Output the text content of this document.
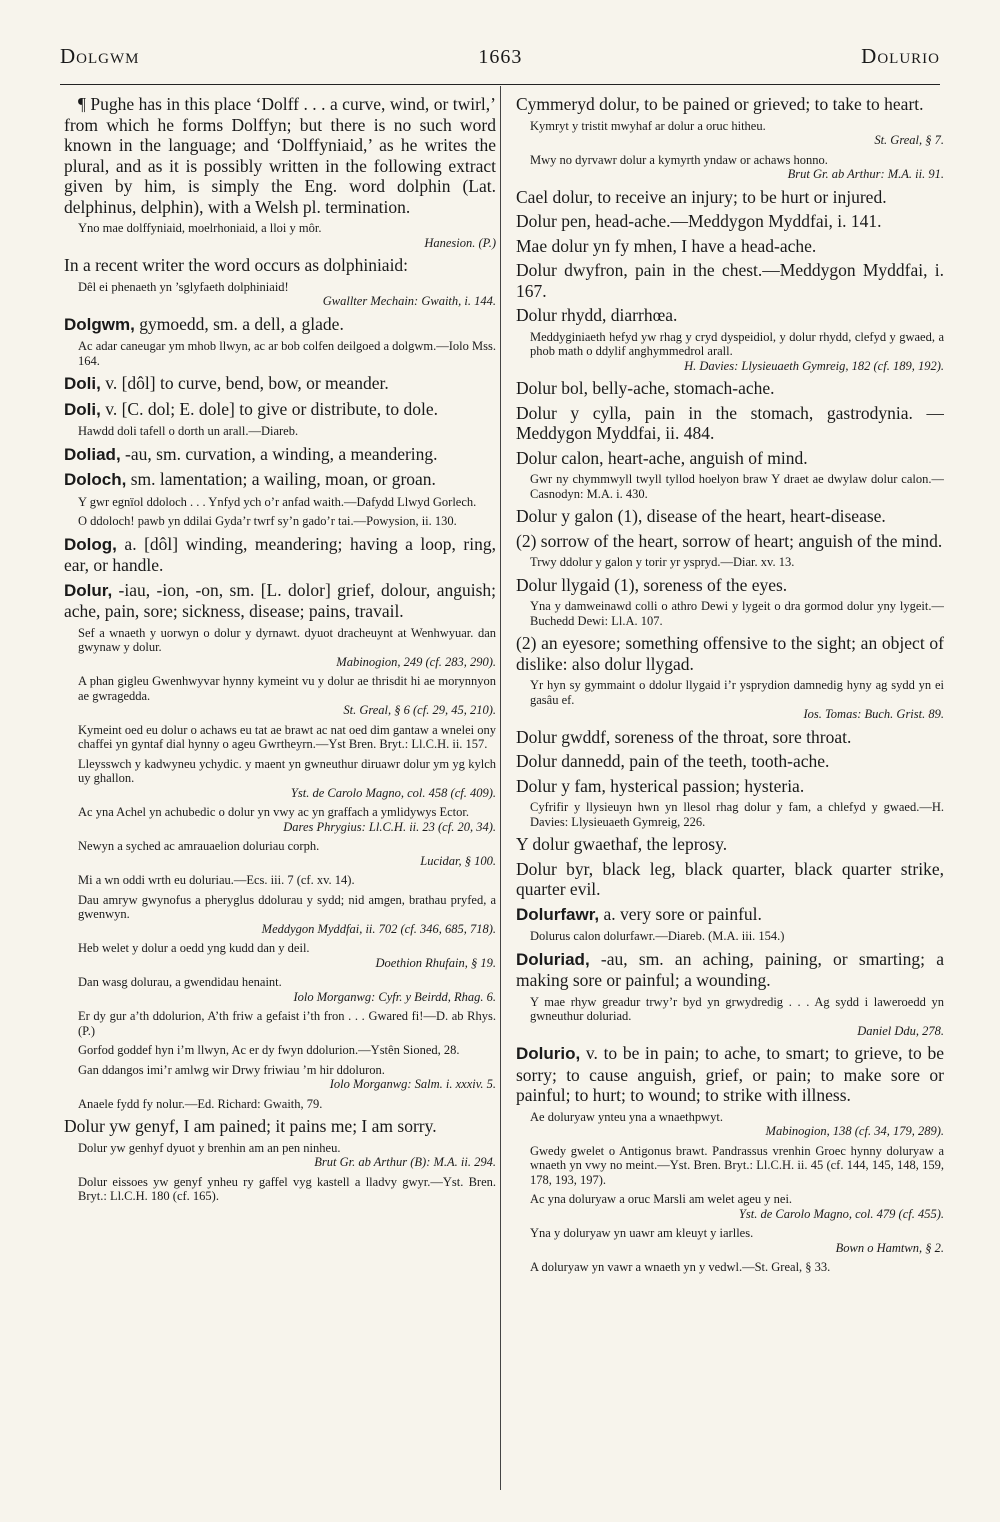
Dolgwm	1663	Dolurio
¶ Pughe has in this place ‘Dolff . . . a curve, wind, or twirl,’ from which he forms Dolffyn; but there is no such word known in the language; and ‘Dolffyniaid,’ as he writes the plural, and as it is possibly written in the following extract given by him, is simply the Eng. word dolphin (Lat. delphinus, delphin), with a Welsh pl. termination.
Yno mae dolffyniaid, moelrhoniaid, a lloi y môr.
Hanesion. (P.)
In a recent writer the word occurs as dolphiniaid:
Dêl ei phenaeth yn ’sglyfaeth dolphiniaid!
Gwallter Mechain: Gwaith, i. 144.
Dolgwm, gymoedd, sm. a dell, a glade.
Ac adar caneugar ym mhob llwyn, ac ar bob colfen deilgoed a dolgwm.—Iolo Mss. 164.
Doli, v. [dôl] to curve, bend, bow, or meander.
Doli, v. [C. dol; E. dole] to give or distribute, to dole.
Hawdd doli tafell o dorth un arall.—Diareb.
Doliad, -au, sm. curvation, a winding, a meandering.
Doloch, sm. lamentation; a wailing, moan, or groan.
Y gwr egnïol ddoloch . . . Ynfyd ych o’r anfad waith.—Dafydd Llwyd Gorlech.
O ddoloch! pawb yn ddilai Gyda’r twrf sy’n gado’r tai.—Powysion, ii. 130.
Dolog, a. [dôl] winding, meandering; having a loop, ring, ear, or handle.
Dolur, -iau, -ion, -on, sm. [L. dolor] grief, dolour, anguish; ache, pain, sore; sickness, disease; pains, travail.
Sef a wnaeth y uorwyn o dolur y dyrnawt. dyuot dracheuynt at Wenhwyuar. dan gwynaw y dolur.
Mabinogion, 249 (cf. 283, 290).
A phan gigleu Gwenhwyvar hynny kymeint vu y dolur ae thrisdit hi ae morynnyon ae gwragedda.
St. Greal, § 6 (cf. 29, 45, 210).
Kymeint oed eu dolur o achaws eu tat ae brawt ac nat oed dim gantaw a wnelei ony chaffei yn gyntaf dial hynny o ageu Gwrtheyrn.—Yst Bren. Bryt.: Ll.C.H. ii. 157.
Lleysswch y kadwyneu ychydic. y maent yn gwneuthur diruawr dolur ym yg kylch uy ghallon.
Yst. de Carolo Magno, col. 458 (cf. 409).
Ac yna Achel yn achubedic o dolur yn vwy ac yn graffach a ymlidywys Ector.
Dares Phrygius: Ll.C.H. ii. 23 (cf. 20, 34).
Newyn a syched ac amrauaelion doluriau corph.
Lucidar, § 100.
Mi a wn oddi wrth eu doluriau.—Ecs. iii. 7 (cf. xv. 14).
Dau amryw gwynofus a pheryglus ddolurau y sydd; nid amgen, brathau pryfed, a gwenwyn.
Meddygon Myddfai, ii. 702 (cf. 346, 685, 718).
Heb welet y dolur a oedd yng kudd dan y deil.
Doethion Rhufain, § 19.
Dan wasg dolurau, a gwendidau henaint.
Iolo Morganwg: Cyfr. y Beirdd, Rhag. 6.
Er dy gur a’th ddolurion, A’th friw a gefaist i’th fron . . . Gwared fi!—D. ab Rhys. (P.)
Gorfod goddef hyn i’m llwyn, Ac er dy fwyn ddolurion.—Ystên Sioned, 28.
Gan ddangos imi’r amlwg wir Drwy friwiau ’m hir ddoluron.
Iolo Morganwg: Salm. i. xxxiv. 5.
Anaele fydd fy nolur.—Ed. Richard: Gwaith, 79.
Dolur yw genyf, I am pained; it pains me; I am sorry.
Dolur yw genhyf dyuot y brenhin am an pen ninheu.
Brut Gr. ab Arthur (B): M.A. ii. 294.
Dolur eissoes yw genyf ynheu ry gaffel vyg kastell a lladvy gwyr.—Yst. Bren. Bryt.: Ll.C.H. 180 (cf. 165).
Cymmeryd dolur, to be pained or grieved; to take to heart.
Kymryt y tristit mwyhaf ar dolur a oruc hitheu.
St. Greal, § 7.
Mwy no dyrvawr dolur a kymyrth yndaw or achaws honno.
Brut Gr. ab Arthur: M.A. ii. 91.
Cael dolur, to receive an injury; to be hurt or injured.
Dolur pen, head-ache.—Meddygon Myddfai, i. 141.
Mae dolur yn fy mhen, I have a head-ache.
Dolur dwyfron, pain in the chest.—Meddygon Myddfai, i. 167.
Dolur rhydd, diarrhœa.
Meddyginiaeth hefyd yw rhag y cryd dyspeidiol, y dolur rhydd, clefyd y gwaed, a phob math o ddylif anghymmedrol arall.
H. Davies: Llysieuaeth Gymreig, 182 (cf. 189, 192).
Dolur bol, belly-ache, stomach-ache.
Dolur y cylla, pain in the stomach, gastrodynia. —Meddygon Myddfai, ii. 484.
Dolur calon, heart-ache, anguish of mind.
Gwr ny chymmwyll twyll tyllod hoelyon braw Y draet ae dwylaw dolur calon.—Casnodyn: M.A. i. 430.
Dolur y galon (1), disease of the heart, heart-disease.
(2) sorrow of the heart, sorrow of heart; anguish of the mind.
Trwy ddolur y galon y torir yr yspryd.—Diar. xv. 13.
Dolur llygaid (1), soreness of the eyes.
Yna y damweinawd colli o athro Dewi y lygeit o dra gormod dolur yny lygeit.—Buchedd Dewi: Ll.A. 107.
(2) an eyesore; something offensive to the sight; an object of dislike: also dolur llygad.
Yr hyn sy gymmaint o ddolur llygaid i’r ysprydion damnedig hyny ag sydd yn ei gasâu ef.
Ios. Tomas: Buch. Grist. 89.
Dolur gwddf, soreness of the throat, sore throat.
Dolur dannedd, pain of the teeth, tooth-ache.
Dolur y fam, hysterical passion; hysteria.
Cyfrifir y llysieuyn hwn yn llesol rhag dolur y fam, a chlefyd y gwaed.—H. Davies: Llysieuaeth Gymreig, 226.
Y dolur gwaethaf, the leprosy.
Dolur byr, black leg, black quarter, black quarter strike, quarter evil.
Dolurfawr, a. very sore or painful.
Dolurus calon dolurfawr.—Diareb. (M.A. iii. 154.)
Doluriad, -au, sm. an aching, paining, or smarting; a making sore or painful; a wounding.
Y mae rhyw greadur trwy’r byd yn grwydredig . . . Ag sydd i laweroedd yn gwneuthur doluriad.
Daniel Ddu, 278.
Dolurio, v. to be in pain; to ache, to smart; to grieve, to be sorry; to cause anguish, grief, or pain; to make sore or painful; to hurt; to wound; to strike with illness.
Ae doluryaw ynteu yna a wnaethpwyt.
Mabinogion, 138 (cf. 34, 179, 289).
Gwedy gwelet o Antigonus brawt. Pandrassus vrenhin Groec hynny doluryaw a wnaeth yn vwy no meint.—Yst. Bren. Bryt.: Ll.C.H. ii. 45 (cf. 144, 145, 148, 159, 178, 193, 197).
Ac yna doluryaw a oruc Marsli am welet ageu y nei.
Yst. de Carolo Magno, col. 479 (cf. 455).
Yna y doluryaw yn uawr am kleuyt y iarlles.
Bown o Hamtwn, § 2.
A doluryaw yn vawr a wnaeth yn y vedwl.—St. Greal, § 33.
